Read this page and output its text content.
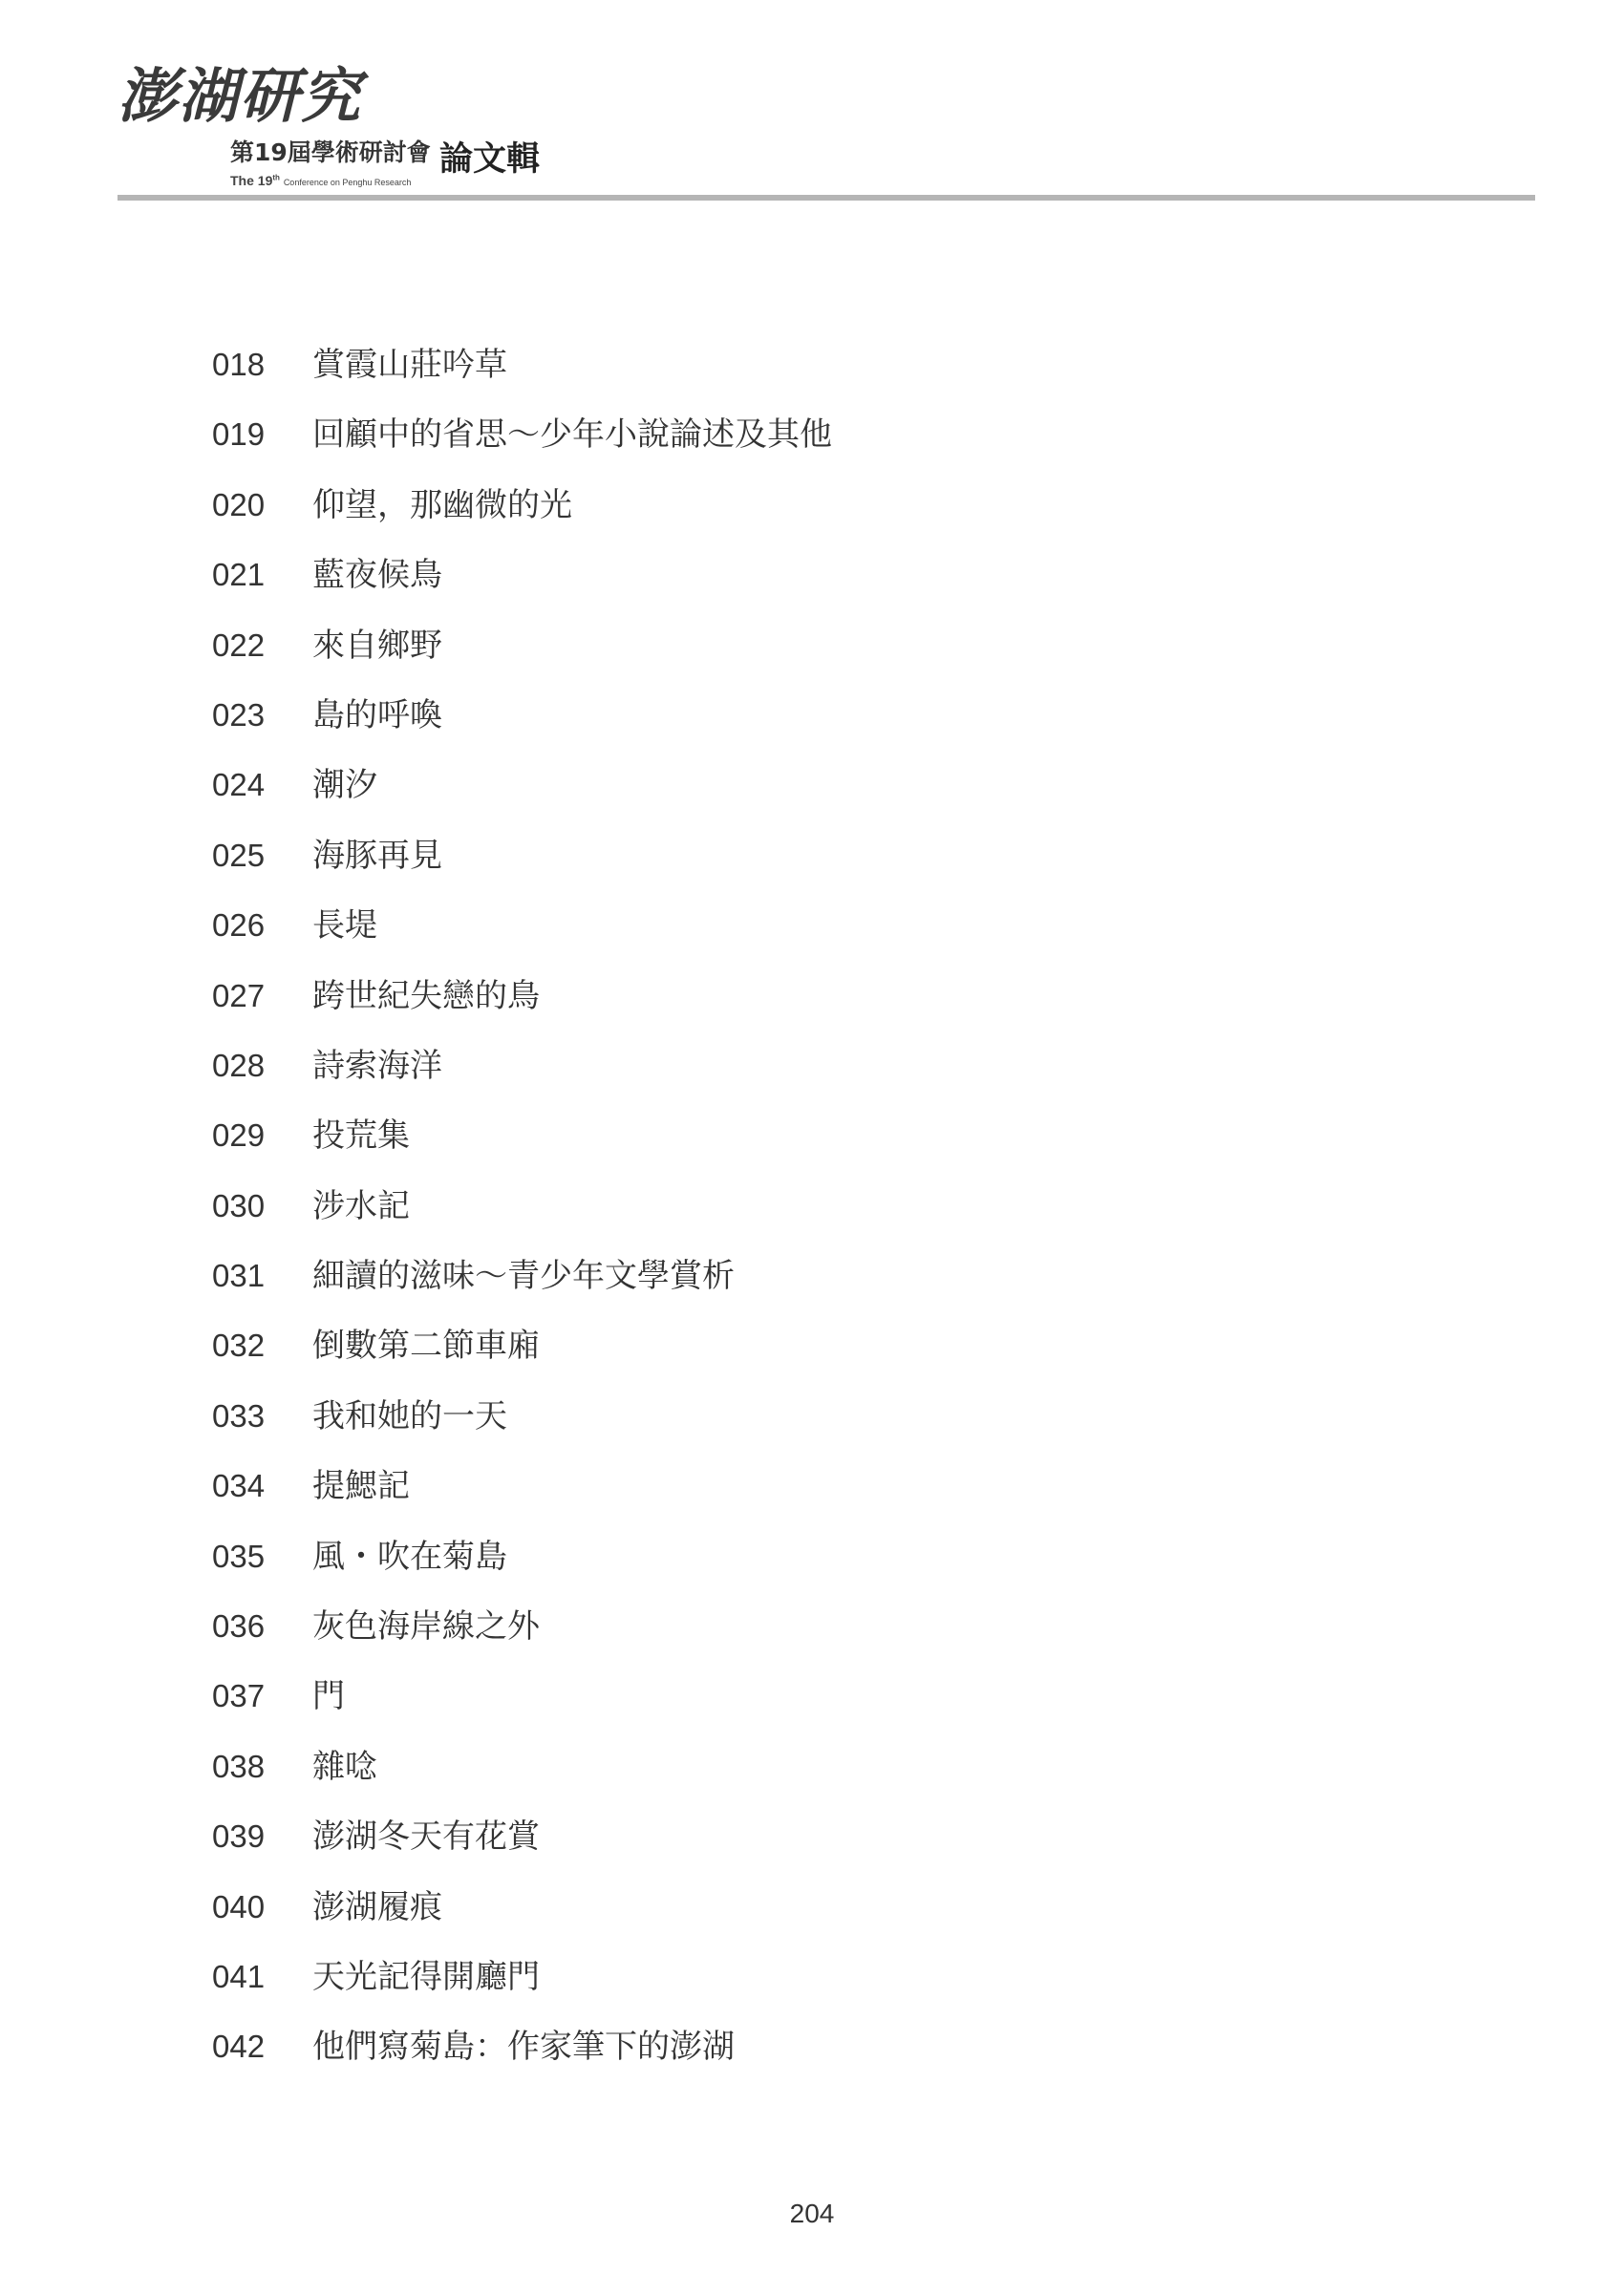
澎湖研究
第19屆學術研討會
The 19th Conference on Penghu Research
論文輯
018	賞霞山莊吟草
019	回顧中的省思～少年小說論述及其他
020	仰望，那幽微的光
021	藍夜候鳥
022	來自鄉野
023	島的呼喚
024	潮汐
025	海豚再見
026	長堤
027	跨世紀失戀的鳥
028	詩索海洋
029	投荒集
030	涉水記
031	細讀的滋味～青少年文學賞析
032	倒數第二節車廂
033	我和她的一天
034	提鰓記
035	風・吹在菊島
036	灰色海岸線之外
037	門
038	雜唸
039	澎湖冬天有花賞
040	澎湖履痕
041	天光記得開廳門
042	他們寫菊島：作家筆下的澎湖
204
